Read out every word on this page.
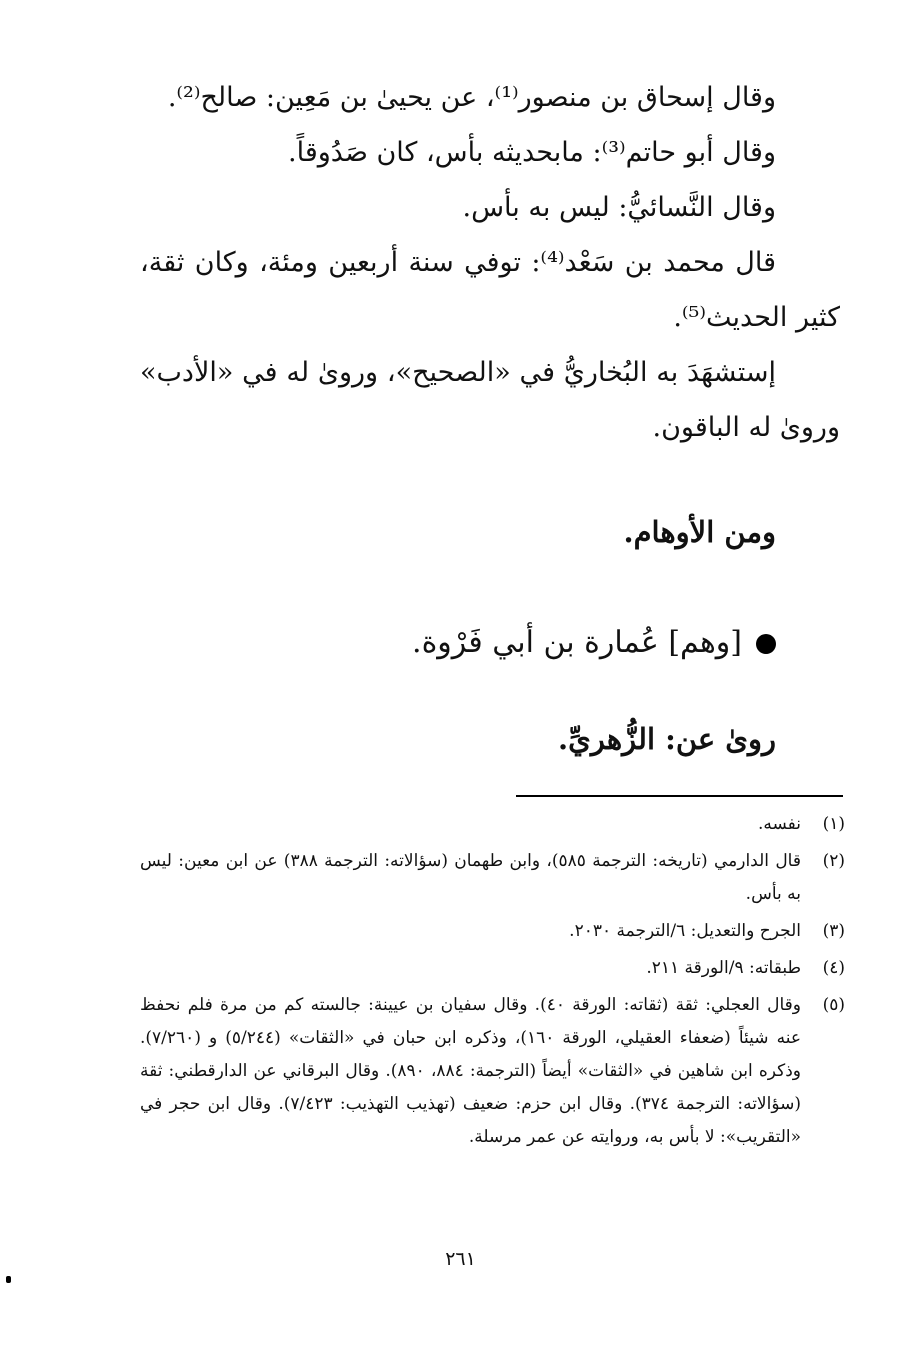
وقال إسحاق بن منصور⁽¹⁾، عن يحيىٰ بن مَعِين: صالح⁽²⁾.

وقال أبو حاتم⁽³⁾: مابحديثه بأس، كان صَدُوقاً.

وقال النَّسائيُّ: ليس به بأس.

قال محمد بن سَعْد⁽⁴⁾: توفي سنة أربعين ومئة، وكان ثقة، كثير الحديث⁽⁵⁾.

إستشهَدَ به البُخاريُّ في «الصحيح»، وروىٰ له في «الأدب» وروىٰ له الباقون.

ومن الأوهام.
[وهم] عُمارة بن أبي فَرْوة.
روىٰ عن: الزُّهريِّ.
(١)
نفسه.
(٢)
قال الدارمي (تاريخه: الترجمة ٥٨٥)، وابن طهمان (سؤالاته: الترجمة ٣٨٨) عن ابن معين: ليس به بأس.
(٣)
الجرح والتعديل: ٦/الترجمة ٢٠٣٠.
(٤)
طبقاته: ٩/الورقة ٢١١.
(٥)
وقال العجلي: ثقة (ثقاته: الورقة ٤٠). وقال سفيان بن عيينة: جالسته كم من مرة فلم نحفظ عنه شيئاً (ضعفاء العقيلي، الورقة ١٦٠)، وذكره ابن حبان في «الثقات» (٥/٢٤٤) و (٧/٢٦٠). وذكره ابن شاهين في «الثقات» أيضاً (الترجمة: ٨٨٤، ٨٩٠). وقال البرقاني عن الدارقطني: ثقة (سؤالاته: الترجمة ٣٧٤). وقال ابن حزم: ضعيف (تهذيب التهذيب: ٧/٤٢٣). وقال ابن حجر في «التقريب»: لا بأس به، وروايته عن عمر مرسلة.
٢٦١
